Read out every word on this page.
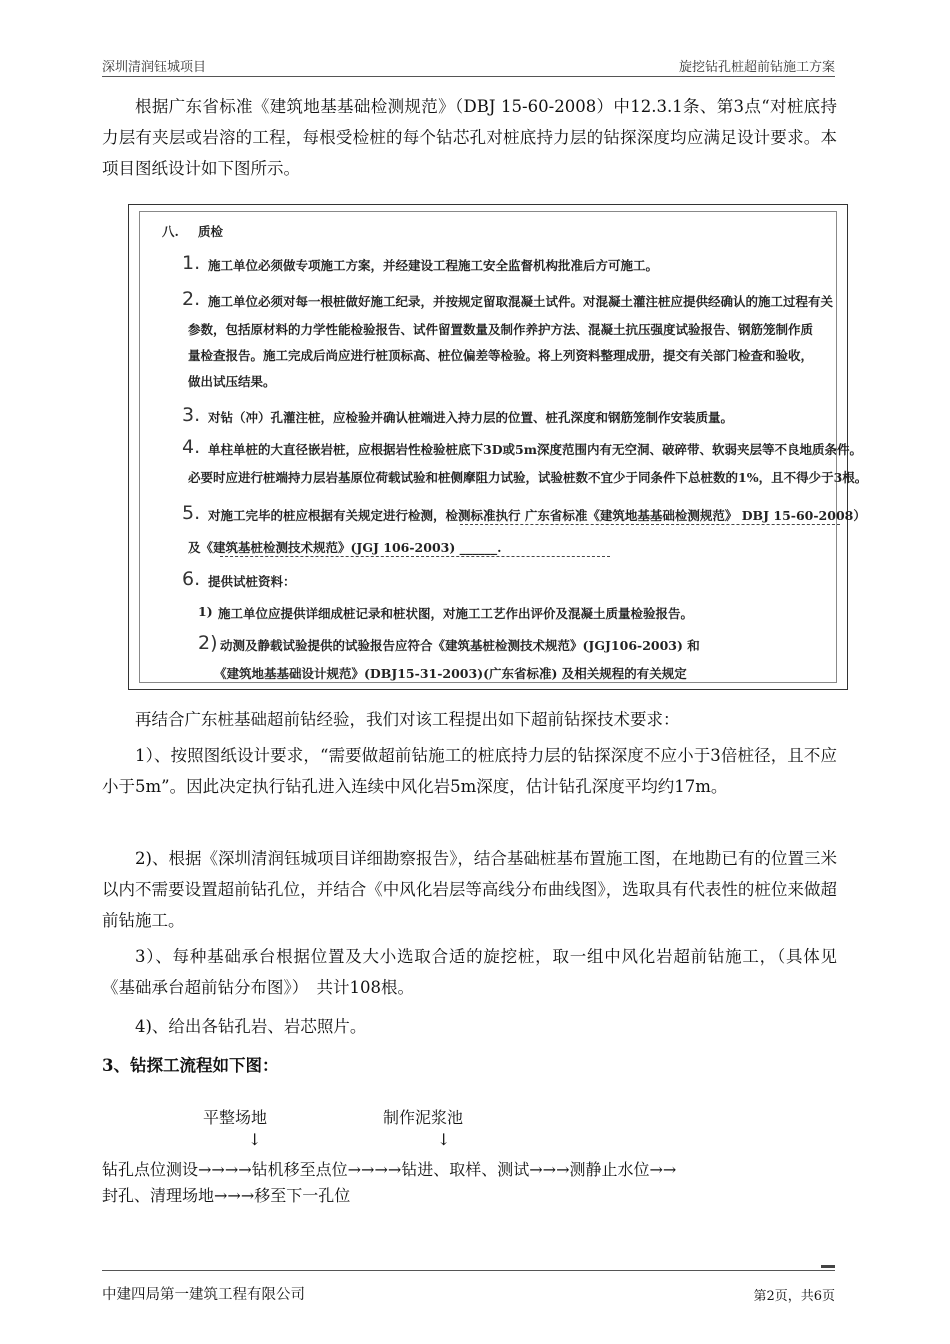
深圳清润钰城项目	旋挖钻孔桩超前钻施工方案
根据广东省标准《建筑地基基础检测规范》（DBJ 15-60-2008）中12.3.1条、第3点“对桩底持力层有夹层或岩溶的工程，每根受检桩的每个钻芯孔对桩底持力层的钻探深度均应满足设计要求。本项目图纸设计如下图所示。
八. 质检
1. 施工单位必须做专项施工方案，并经建设工程施工安全监督机构批准后方可施工。
2. 施工单位必须对每一根桩做好施工纪录，并按规定留取混凝土试件。对混凝土灌注桩应提供经确认的施工过程有关
参数，包括原材料的力学性能检验报告、试件留置数量及制作养护方法、混凝土抗压强度试验报告、钢筋笼制作质
量检查报告。施工完成后尚应进行桩顶标高、桩位偏差等检验。将上列资料整理成册，提交有关部门检查和验收，
做出试压结果。
3. 对钻（冲）孔灌注桩，应检验并确认桩端进入持力层的位置、桩孔深度和钢筋笼制作安装质量。
4. 单柱单桩的大直径嵌岩桩，应根据岩性检验桩底下3D或5m深度范围内有无空洞、破碎带、软弱夹层等不良地质条件。
必要时应进行桩端持力层岩基原位荷载试验和桩侧摩阻力试验，试验桩数不宜少于同条件下总桩数的1%，且不得少于3根。
5. 对施工完毕的桩应根据有关规定进行检测，检测标准执行 广东省标准《建筑地基基础检测规范》 DBJ 15-60-2008）
及《建筑基桩检测技术规范》(JGJ 106-2003) ______.
6. 提供试桩资料：
1) 施工单位应提供详细成桩记录和桩状图，对施工工艺作出评价及混凝土质量检验报告。
2) 动测及静载试验提供的试验报告应符合《建筑基桩检测技术规范》(JGJ106-2003) 和
《建筑地基基础设计规范》(DBJ15-31-2003)(广东省标准) 及相关规程的有关规定
再结合广东桩基础超前钻经验，我们对该工程提出如下超前钻探技术要求：
1）、按照图纸设计要求，“需要做超前钻施工的桩底持力层的钻探深度不应小于3倍桩径，且不应小于5m”。因此决定执行钻孔进入连续中风化岩5m深度，估计钻孔深度平均约17m。
2)、根据《深圳清润钰城项目详细勘察报告》，结合基础桩基布置施工图，在地勘已有的位置三米以内不需要设置超前钻孔位，并结合《中风化岩层等高线分布曲线图》，选取具有代表性的桩位来做超前钻施工。
3）、每种基础承台根据位置及大小选取合适的旋挖桩，取一组中风化岩超前钻施工，（具体见《基础承台超前钻分布图》）　共计108根。
4)、给出各钻孔岩、岩芯照片。
3、钻探工流程如下图：
平整场地	制作泥浆池
↓	↓
钻孔点位测设→→→→钻机移至点位→→→→钻进、取样、测试→→→测静止水位→→
封孔、清理场地→→→移至下一孔位
中建四局第一建筑工程有限公司	第2页，共6页
